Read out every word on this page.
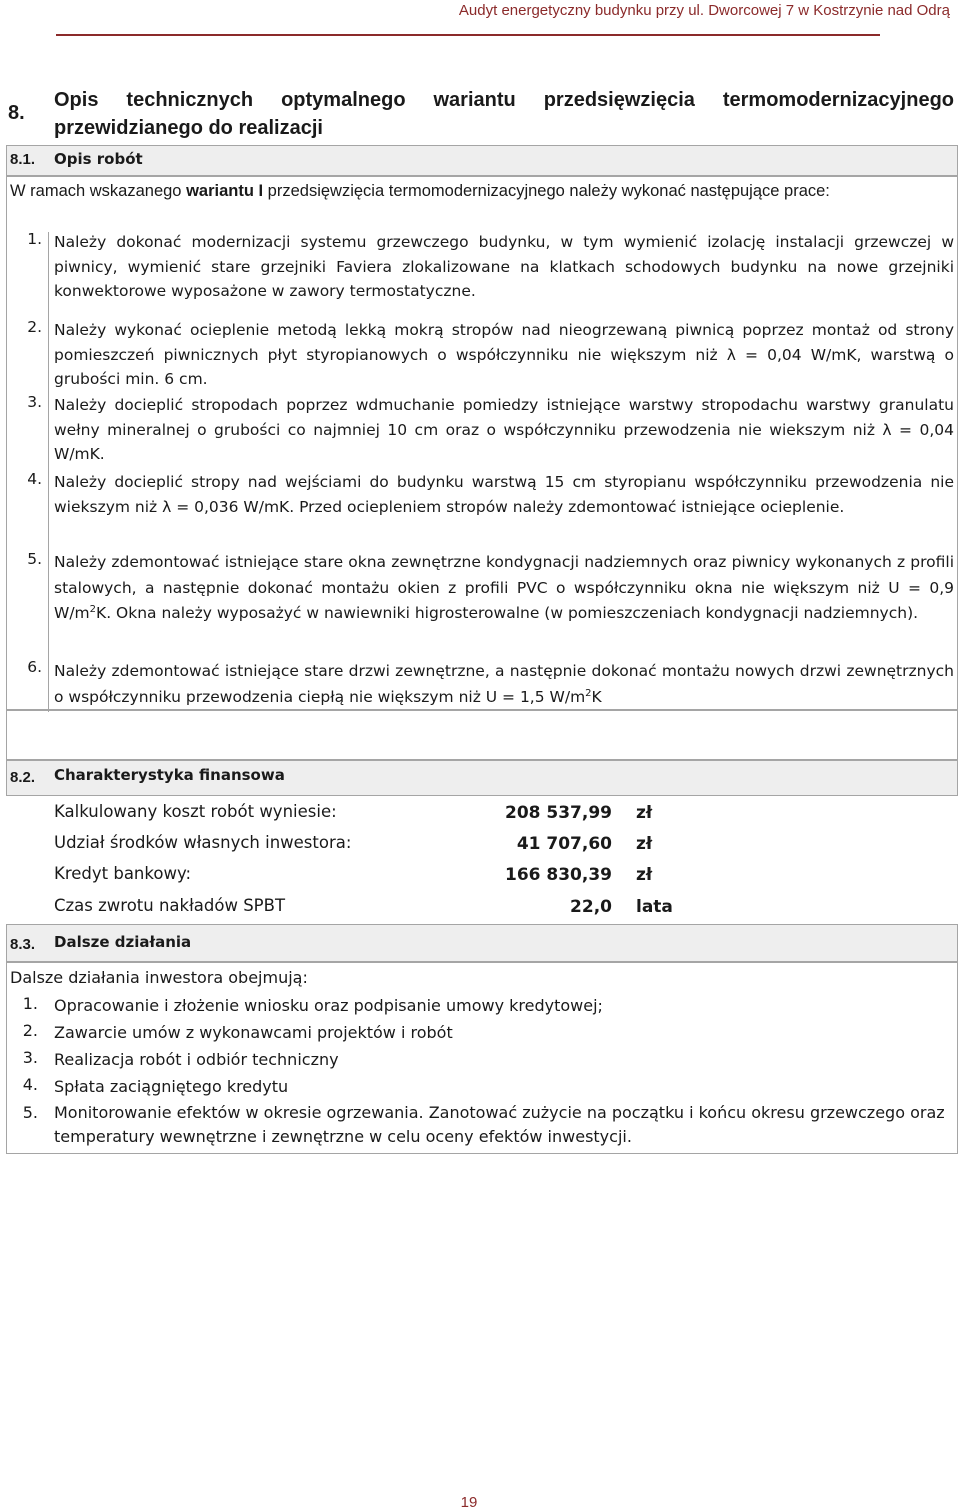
Audyt energetyczny budynku przy ul. Dworcowej 7 w Kostrzynie nad Odrą
8.
Opis technicznych optymalnego wariantu przedsięwzięcia termomodernizacyjnego przewidzianego do realizacji
8.1. Opis robót
W ramach wskazanego wariantu I przedsięwzięcia termomodernizacyjnego należy wykonać następujące prace:
1. Należy dokonać modernizacji systemu grzewczego budynku, w tym wymienić izolację instalacji grzewczej w piwnicy, wymienić stare grzejniki Faviera zlokalizowane na klatkach schodowych budynku na nowe grzejniki konwektorowe wyposażone w zawory termostatyczne.
2. Należy wykonać ocieplenie metodą lekką mokrą stropów nad nieogrzewaną piwnicą poprzez montaż od strony pomieszczeń piwnicznych płyt styropianowych o współczynniku nie większym niż λ = 0,04 W/mK, warstwą o grubości min. 6 cm.
3. Należy docieplić stropodach poprzez wdmuchanie pomiedzy istniejące warstwy stropodachu warstwy granulatu wełny mineralnej o grubości co najmniej 10 cm oraz o współczynniku przewodzenia nie wiekszym niż λ = 0,04 W/mK.
4. Należy docieplić stropy nad wejściami do budynku warstwą 15 cm styropianu współczynniku przewodzenia nie wiekszym niż λ = 0,036 W/mK. Przed ociepleniem stropów należy zdemontować istniejące ocieplenie.
5. Należy zdemontować istniejące stare okna zewnętrzne kondygnacji nadziemnych oraz piwnicy wykonanych z profili stalowych, a następnie dokonać montażu okien z profili PVC o współczynniku okna nie większym niż U = 0,9 $W/m^2K$. Okna należy wyposażyć w nawiewniki higrosterowalne (w pomieszczeniach kondygnacji nadziemnych).
6. Należy zdemontować istniejące stare drzwi zewnętrzne, a następnie dokonać montażu nowych drzwi zewnętrznych o współczynniku przewodzenia ciepłą nie większym niż U = 1,5 $W/m^2K$
8.2. Charakterystyka finansowa
Kalkulowany koszt robót wyniesie:	208 537,99 zł
Udział środków własnych inwestora:	41 707,60 zł
Kredyt bankowy:	166 830,39 zł
Czas zwrotu nakładów SPBT	22,0 lata
8.3. Dalsze działania
Dalsze działania inwestora obejmują:
1. Opracowanie i złożenie wniosku oraz podpisanie umowy kredytowej;
2. Zawarcie umów z wykonawcami projektów i robót
3. Realizacja robót i odbiór techniczny
4. Spłata zaciągniętego kredytu
5. Monitorowanie efektów w okresie ogrzewania. Zanotować zużycie na początku i końcu okresu grzewczego oraz temperatury wewnętrzne i zewnętrzne w celu oceny efektów inwestycji.
19
